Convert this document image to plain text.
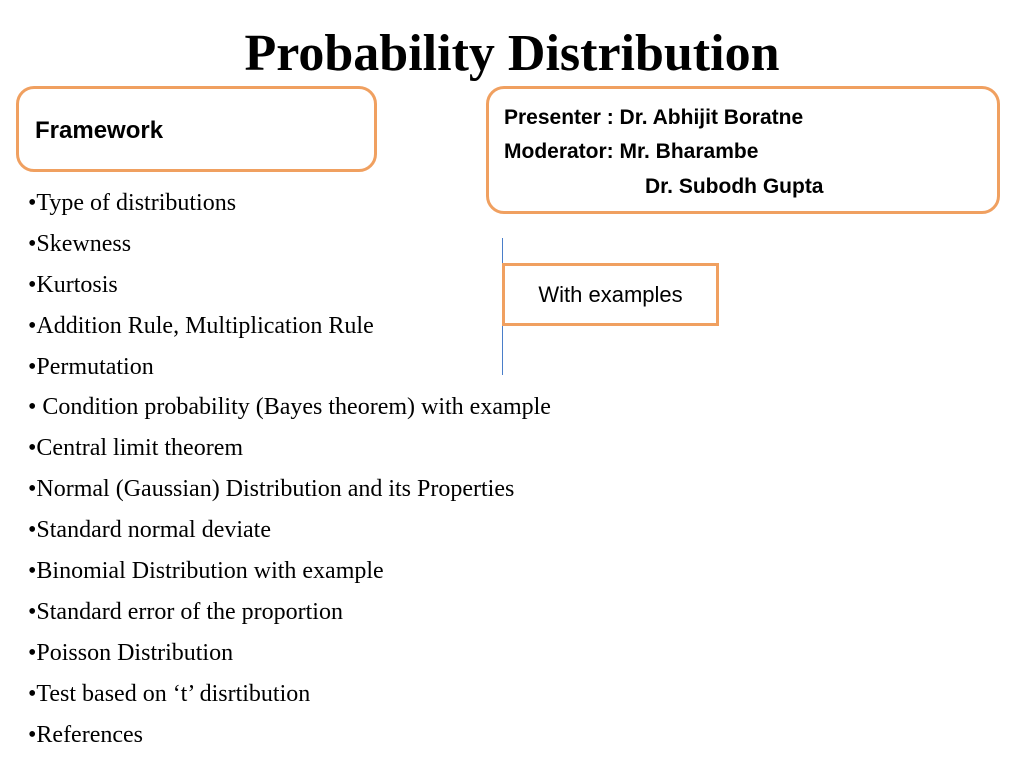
Probability Distribution
Framework	Presenter : Dr. Abhijit Boratne
Moderator: Mr. Bharambe
Dr. Subodh Gupta
•Type of distributions
•Skewness
•Kurtosis
•Addition Rule, Multiplication Rule
•Permutation
• Condition probability (Bayes theorem) with example
•Central limit theorem
•Normal (Gaussian) Distribution and its Properties
•Standard normal deviate
•Binomial Distribution with example
•Standard error of the proportion
•Poisson Distribution
•Test based on ‘t’ disrtibution
•References
With examples
